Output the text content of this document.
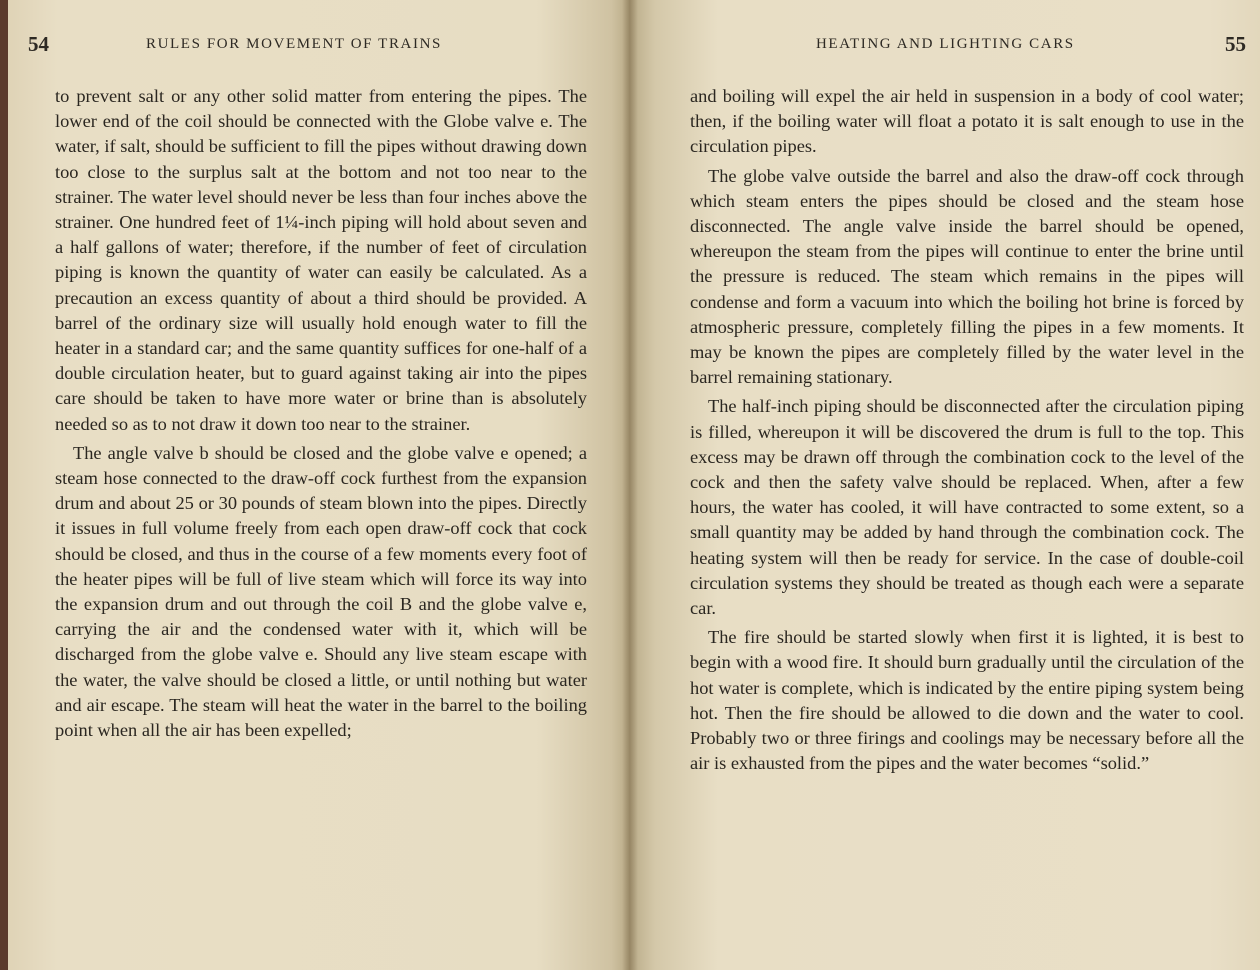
54	RULES FOR MOVEMENT OF TRAINS

to prevent salt or any other solid matter from entering the pipes. The lower end of the coil should be connected with the Globe valve e. The water, if salt, should be sufficient to fill the pipes without drawing down too close to the surplus salt at the bottom and not too near to the strainer. The water level should never be less than four inches above the strainer. One hundred feet of 1¼-inch piping will hold about seven and a half gallons of water; therefore, if the number of feet of circulation piping is known the quantity of water can easily be calculated. As a precaution an excess quantity of about a third should be provided. A barrel of the ordinary size will usually hold enough water to fill the heater in a standard car; and the same quantity suffices for one-half of a double circulation heater, but to guard against taking air into the pipes care should be taken to have more water or brine than is absolutely needed so as to not draw it down too near to the strainer.

The angle valve b should be closed and the globe valve e opened; a steam hose connected to the draw-off cock furthest from the expansion drum and about 25 or 30 pounds of steam blown into the pipes. Directly it issues in full volume freely from each open draw-off cock that cock should be closed, and thus in the course of a few moments every foot of the heater pipes will be full of live steam which will force its way into the expansion drum and out through the coil B and the globe valve e, carrying the air and the condensed water with it, which will be discharged from the globe valve e. Should any live steam escape with the water, the valve should be closed a little, or until nothing but water and air escape. The steam will heat the water in the barrel to the boiling point when all the air has been expelled;

HEATING AND LIGHTING CARS	55

and boiling will expel the air held in suspension in a body of cool water; then, if the boiling water will float a potato it is salt enough to use in the circulation pipes.

The globe valve outside the barrel and also the draw-off cock through which steam enters the pipes should be closed and the steam hose disconnected. The angle valve inside the barrel should be opened, whereupon the steam from the pipes will continue to enter the brine until the pressure is reduced. The steam which remains in the pipes will condense and form a vacuum into which the boiling hot brine is forced by atmospheric pressure, completely filling the pipes in a few moments. It may be known the pipes are completely filled by the water level in the barrel remaining stationary.

The half-inch piping should be disconnected after the circulation piping is filled, whereupon it will be discovered the drum is full to the top. This excess may be drawn off through the combination cock to the level of the cock and then the safety valve should be replaced. When, after a few hours, the water has cooled, it will have contracted to some extent, so a small quantity may be added by hand through the combination cock. The heating system will then be ready for service. In the case of double-coil circulation systems they should be treated as though each were a separate car.

The fire should be started slowly when first it is lighted, it is best to begin with a wood fire. It should burn gradually until the circulation of the hot water is complete, which is indicated by the entire piping system being hot. Then the fire should be allowed to die down and the water to cool. Probably two or three firings and coolings may be necessary before all the air is exhausted from the pipes and the water becomes “solid.”
